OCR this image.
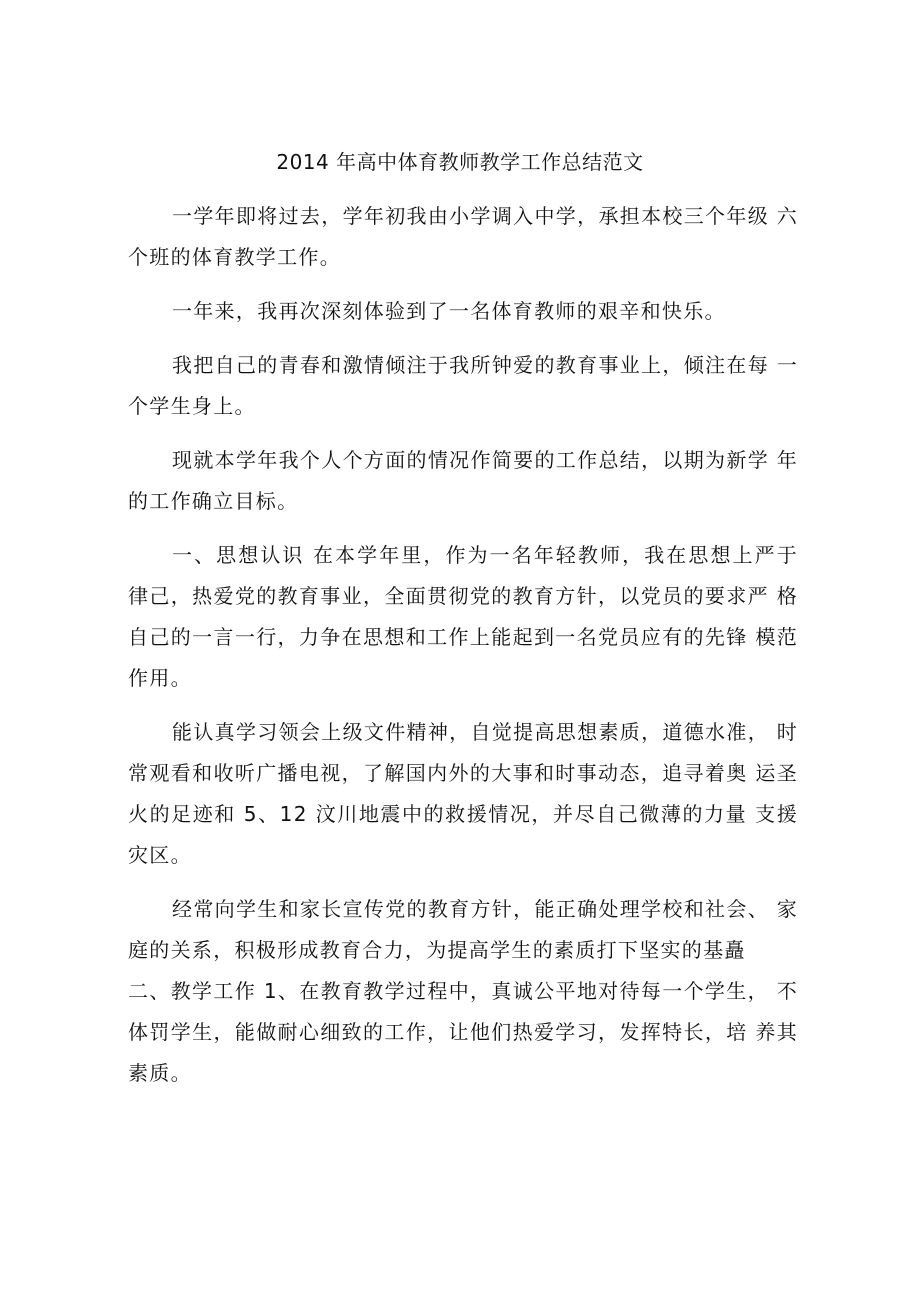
2014 年高中体育教师教学工作总结范文

一学年即将过去，学年初我由小学调入中学，承担本校三个年级 六个班的体育教学工作。

一年来，我再次深刻体验到了一名体育教师的艰辛和快乐。

我把自己的青春和激情倾注于我所钟爱的教育事业上，倾注在每 一个学生身上。

现就本学年我个人个方面的情况作简要的工作总结，以期为新学 年的工作确立目标。

一、思想认识 在本学年里，作为一名年轻教师，我在思想上严于 律己，热爱党的教育事业，全面贯彻党的教育方针，以党员的要求严 格自己的一言一行，力争在思想和工作上能起到一名党员应有的先锋 模范作用。

能认真学习领会上级文件精神，自觉提高思想素质，道德水准， 时常观看和收听广播电视，了解国内外的大事和时事动态，追寻着奥 运圣火的足迹和 5、12 汶川地震中的救援情况，并尽自己微薄的力量 支援灾区。

经常向学生和家长宣传党的教育方针，能正确处理学校和社会、 家庭的关系，积极形成教育合力，为提高学生的素质打下坚实的基矗

二、教学工作 1、在教育教学过程中，真诚公平地对待每一个学生， 不体罚学生，能做耐心细致的工作，让他们热爱学习，发挥特长，培 养其素质。
